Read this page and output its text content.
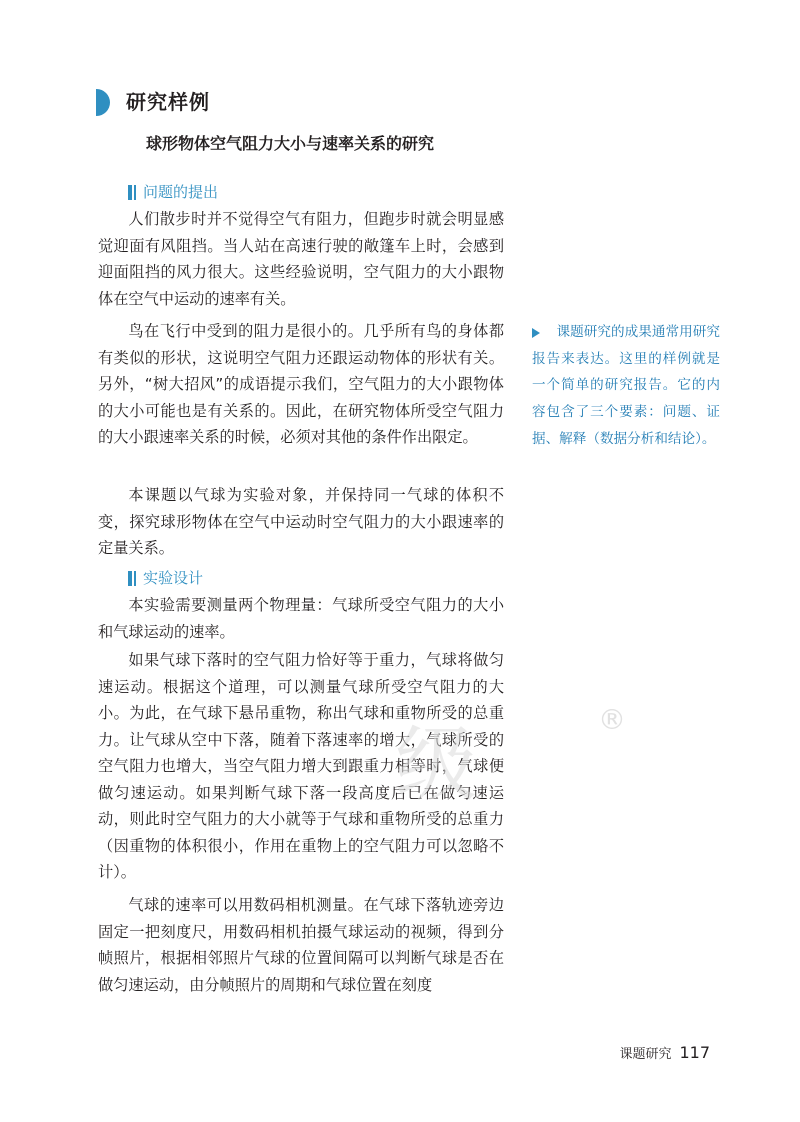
研究样例
球形物体空气阻力大小与速率关系的研究
问题的提出

人们散步时并不觉得空气有阻力，但跑步时就会明显感觉迎面有风阻挡。当人站在高速行驶的敞篷车上时，会感到迎面阻挡的风力很大。这些经验说明，空气阻力的大小跟物体在空气中运动的速率有关。

鸟在飞行中受到的阻力是很小的。几乎所有鸟的身体都有类似的形状，这说明空气阻力还跟运动物体的形状有关。另外，“树大招风”的成语提示我们，空气阻力的大小跟物体的大小可能也是有关系的。因此，在研究物体所受空气阻力的大小跟速率关系的时候，必须对其他的条件作出限定。

本课题以气球为实验对象，并保持同一气球的体积不变，探究球形物体在空气中运动时空气阻力的大小跟速率的定量关系。

实验设计

本实验需要测量两个物理量：气球所受空气阻力的大小和气球运动的速率。

如果气球下落时的空气阻力恰好等于重力，气球将做匀速运动。根据这个道理，可以测量气球所受空气阻力的大小。为此，在气球下悬吊重物，称出气球和重物所受的总重力。让气球从空中下落，随着下落速率的增大，气球所受的空气阻力也增大，当空气阻力增大到跟重力相等时，气球便做匀速运动。如果判断气球下落一段高度后已在做匀速运动，则此时空气阻力的大小就等于气球和重物所受的总重力（因重物的体积很小，作用在重物上的空气阻力可以忽略不计）。

气球的速率可以用数码相机测量。在气球下落轨迹旁边固定一把刻度尺，用数码相机拍摄气球运动的视频，得到分帧照片，根据相邻照片气球的位置间隔可以判断气球是否在做匀速运动，由分帧照片的周期和气球位置在刻度

课题研究的成果通常用研究报告来表达。这里的样例就是一个简单的研究报告。它的内容包含了三个要素：问题、证据、解释（数据分析和结论）。

级	®
课题研究 117
